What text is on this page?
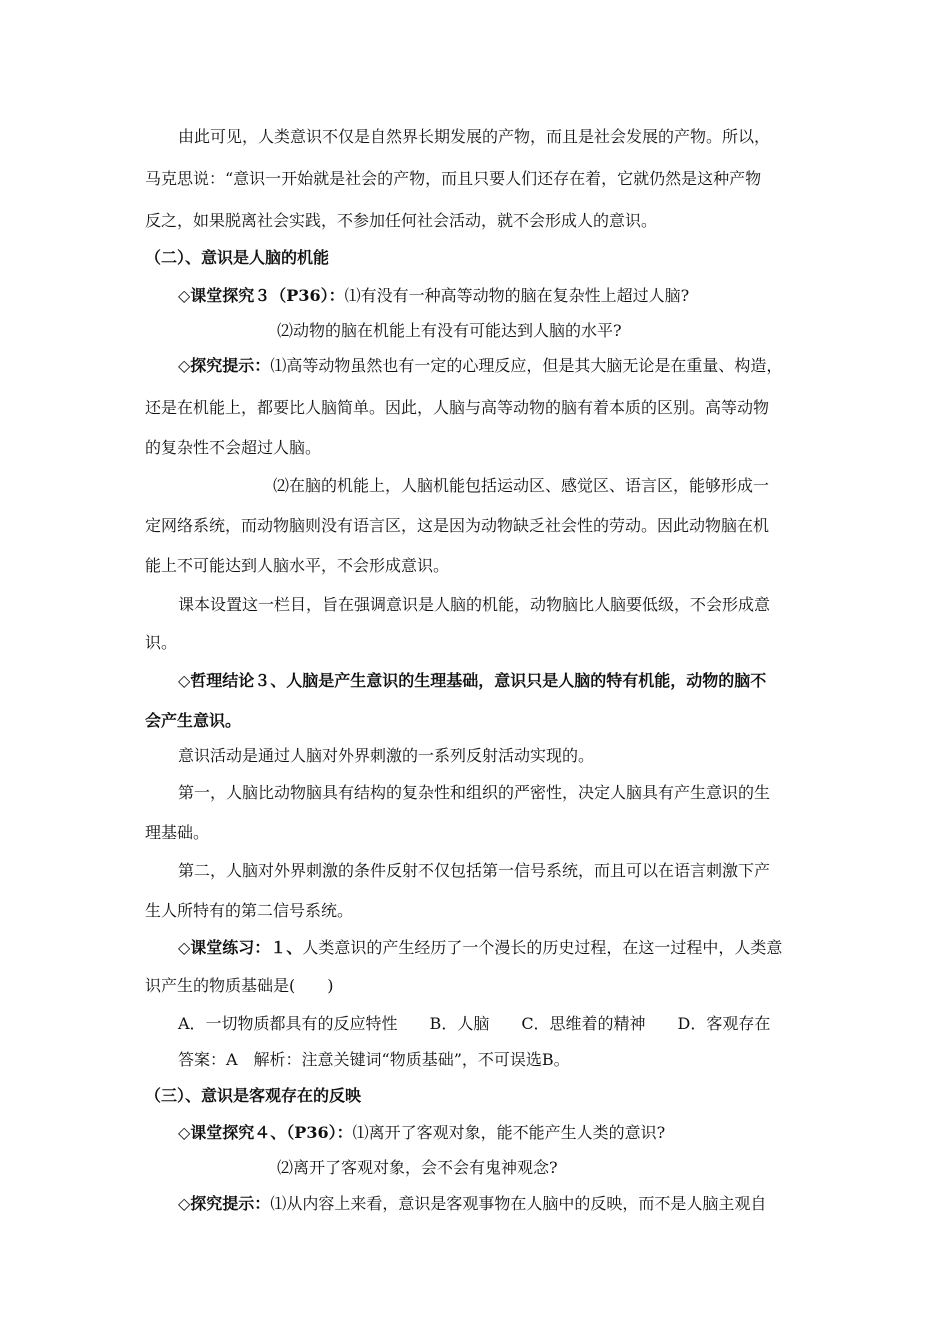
由此可见，人类意识不仅是自然界长期发展的产物，而且是社会发展的产物。所以，
马克思说：“意识一开始就是社会的产物，而且只要人们还存在着，它就仍然是这种产物
反之，如果脱离社会实践，不参加任何社会活动，就不会形成人的意识。
（二）、意识是人脑的机能
◇课堂探究３（P36）：⑴有没有一种高等动物的脑在复杂性上超过人脑?
⑵动物的脑在机能上有没有可能达到人脑的水平?
◇探究提示：⑴高等动物虽然也有一定的心理反应，但是其大脑无论是在重量、构造，
还是在机能上，都要比人脑简单。因此，人脑与高等动物的脑有着本质的区别。高等动物
的复杂性不会超过人脑。
⑵在脑的机能上，人脑机能包括运动区、感觉区、语言区，能够形成一
定网络系统，而动物脑则没有语言区，这是因为动物缺乏社会性的劳动。因此动物脑在机
能上不可能达到人脑水平，不会形成意识。
课本设置这一栏目，旨在强调意识是人脑的机能，动物脑比人脑要低级，不会形成意
识。
◇哲理结论３、人脑是产生意识的生理基础，意识只是人脑的特有机能，动物的脑不
会产生意识。
意识活动是通过人脑对外界刺激的一系列反射活动实现的。
第一，人脑比动物脑具有结构的复杂性和组织的严密性，决定人脑具有产生意识的生
理基础。
第二，人脑对外界刺激的条件反射不仅包括第一信号系统，而且可以在语言刺激下产
生人所特有的第二信号系统。
◇课堂练习：１、人类意识的产生经历了一个漫长的历史过程，在这一过程中，人类意
识产生的物质基础是(　　)
A．一切物质都具有的反应特性　　B．人脑　　C．思维着的精神　　D．客观存在
答案：A　解析：注意关键词“物质基础”，不可误选B。
（三）、意识是客观存在的反映
◇课堂探究４、（P36）：⑴离开了客观对象，能不能产生人类的意识?
⑵离开了客观对象，会不会有鬼神观念?
◇探究提示：⑴从内容上来看，意识是客观事物在人脑中的反映，而不是人脑主观自
